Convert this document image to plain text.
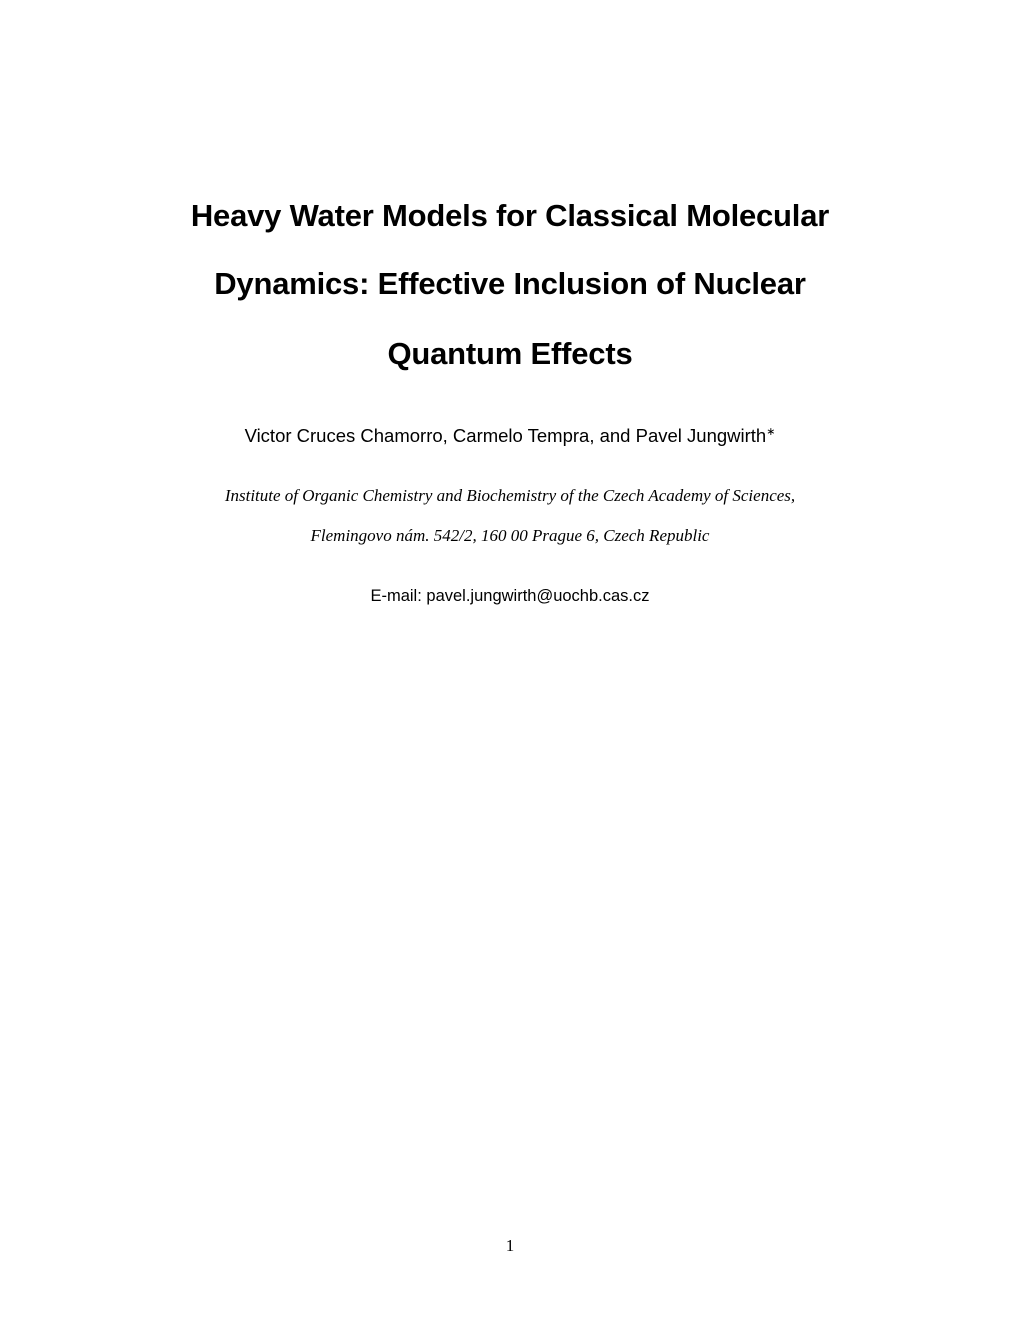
Heavy Water Models for Classical Molecular
Dynamics: Effective Inclusion of Nuclear
Quantum Effects
Victor Cruces Chamorro, Carmelo Tempra, and Pavel Jungwirth∗
Institute of Organic Chemistry and Biochemistry of the Czech Academy of Sciences,
Flemingovo nám. 542/2, 160 00 Prague 6, Czech Republic
E-mail: pavel.jungwirth@uochb.cas.cz
1
